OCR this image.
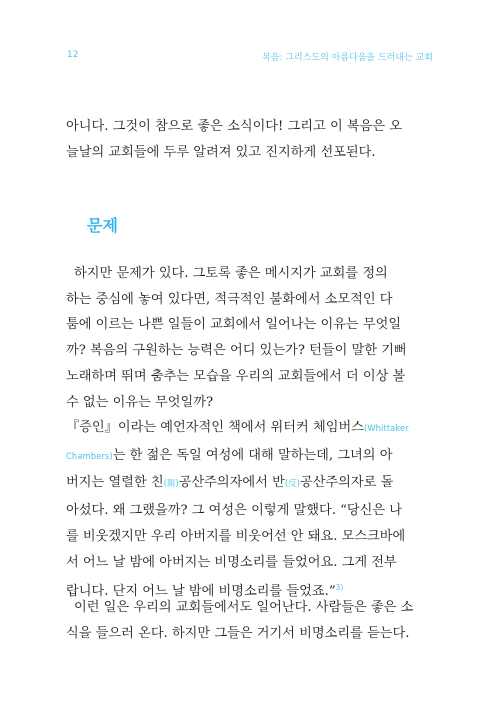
12	복음: 그리스도의 아름다움을 드러내는 교회

아니다. 그것이 참으로 좋은 소식이다! 그리고 이 복음은 오
늘날의 교회들에 두루 알려져 있고 진지하게 선포된다.

문제

하지만 문제가 있다. 그토록 좋은 메시지가 교회를 정의
하는 중심에 놓여 있다면, 적극적인 불화에서 소모적인 다
툼에 이르는 나쁜 일들이 교회에서 일어나는 이유는 무엇일
까? 복음의 구원하는 능력은 어디 있는가? 턴들이 말한 기뻐
노래하며 뛰며 춤추는 모습을 우리의 교회들에서 더 이상 볼
수 없는 이유는 무엇일까?

『증인』이라는 예언자적인 책에서 위터커 체임버스(Whittaker
Chambers)는 한 젊은 독일 여성에 대해 말하는데, 그녀의 아
버지는 열렬한 친(親)공산주의자에서 반(反)공산주의자로 돌
아섰다. 왜 그랬을까? 그 여성은 이렇게 말했다. “당신은 나
를 비웃겠지만 우리 아버지를 비웃어선 안 돼요. 모스크바에
서 어느 날 밤에 아버지는 비명소리를 들었어요. 그게 전부
랍니다. 단지 어느 날 밤에 비명소리를 들었죠.”$^{3)}$

이런 일은 우리의 교회들에서도 일어난다. 사람들은 좋은 소
식을 들으러 온다. 하지만 그들은 거기서 비명소리를 듣는다.
